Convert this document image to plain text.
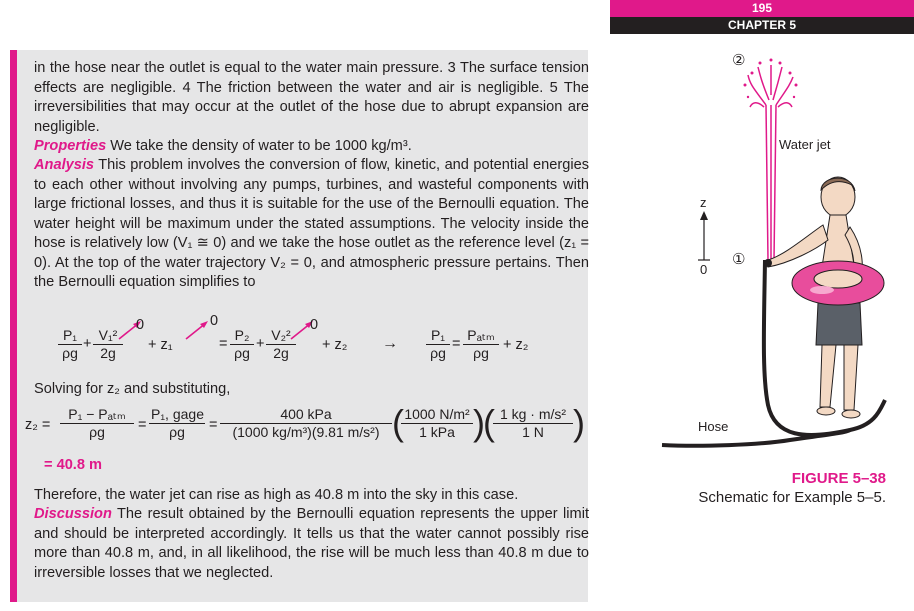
195
CHAPTER 5

in the hose near the outlet is equal to the water main pressure. 3 The surface tension effects are negligible. 4 The friction between the water and air is negligible. 5 The irreversibilities that may occur at the outlet of the hose due to abrupt expansion are negligible.

Properties We take the density of water to be 1000 kg/m³.

Analysis This problem involves the conversion of flow, kinetic, and potential energies to each other without involving any pumps, turbines, and wasteful components with large frictional losses, and thus it is suitable for the use of the Bernoulli equation. The water height will be maximum under the stated assumptions. The velocity inside the hose is relatively low (V₁ ≅ 0) and we take the hose outlet as the reference level (z₁ = 0). At the top of the water trajectory V₂ = 0, and atmospheric pressure pertains. Then the Bernoulli equation simplifies to

$\frac{\text{P₁}}{\rho g} + \frac{\text{V₁²}}{2g}$
0
+ z₁
0
= $\frac{\text{P₂}}{\rho g} + \frac{\text{V₂²}}{2g}$
0
+ $z_2 \to \frac{\text{P₁}}{\rho g}$ =
Pₐₜₘ
ρg + z₂

Solving for z₂ and substituting,

z₂ =
P₁ − Pₐₜₘ
ρg	=
P₁, gage
ρg	=
400 kPa
(1000 kg/m³)(9.81 m/s²) ( 1000 N/m²
1 kPa )
(
$\frac{\text{1 kg · m/s²}}{1 N}$ )

= 40.8 m

Therefore, the water jet can rise as high as 40.8 m into the sky in this case.

Discussion The result obtained by the Bernoulli equation represents the upper limit and should be interpreted accordingly. It tells us that the water cannot possibly rise more than 40.8 m, and, in all likelihood, the rise will be much less than 40.8 m due to irreversible losses that we neglected.

②
①
Water jet
z
0
Hose
FIGURE 5–38
Schematic for Example 5–5.
